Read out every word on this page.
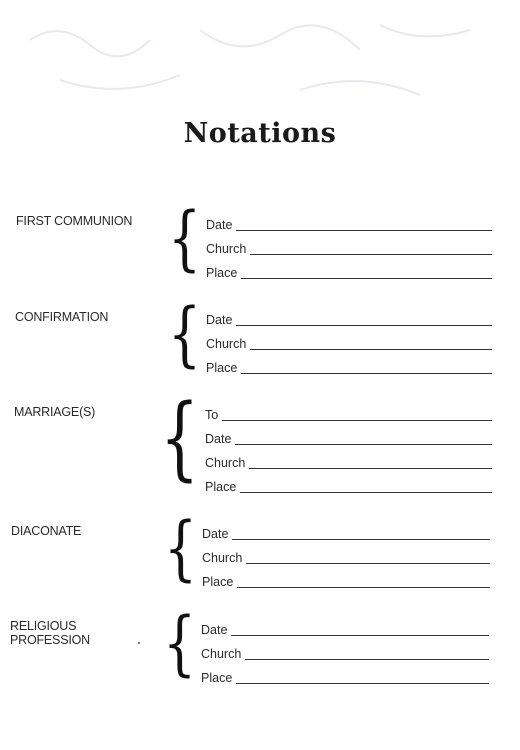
Notations
FIRST COMMUNION { Date
Church
Place
CONFIRMATION { Date
Church
Place
MARRIAGE(S) { To
Date
Church
Place
DIACONATE { Date
Church
Place
RELIGIOUS
PROFESSION { Date
Church
Place
